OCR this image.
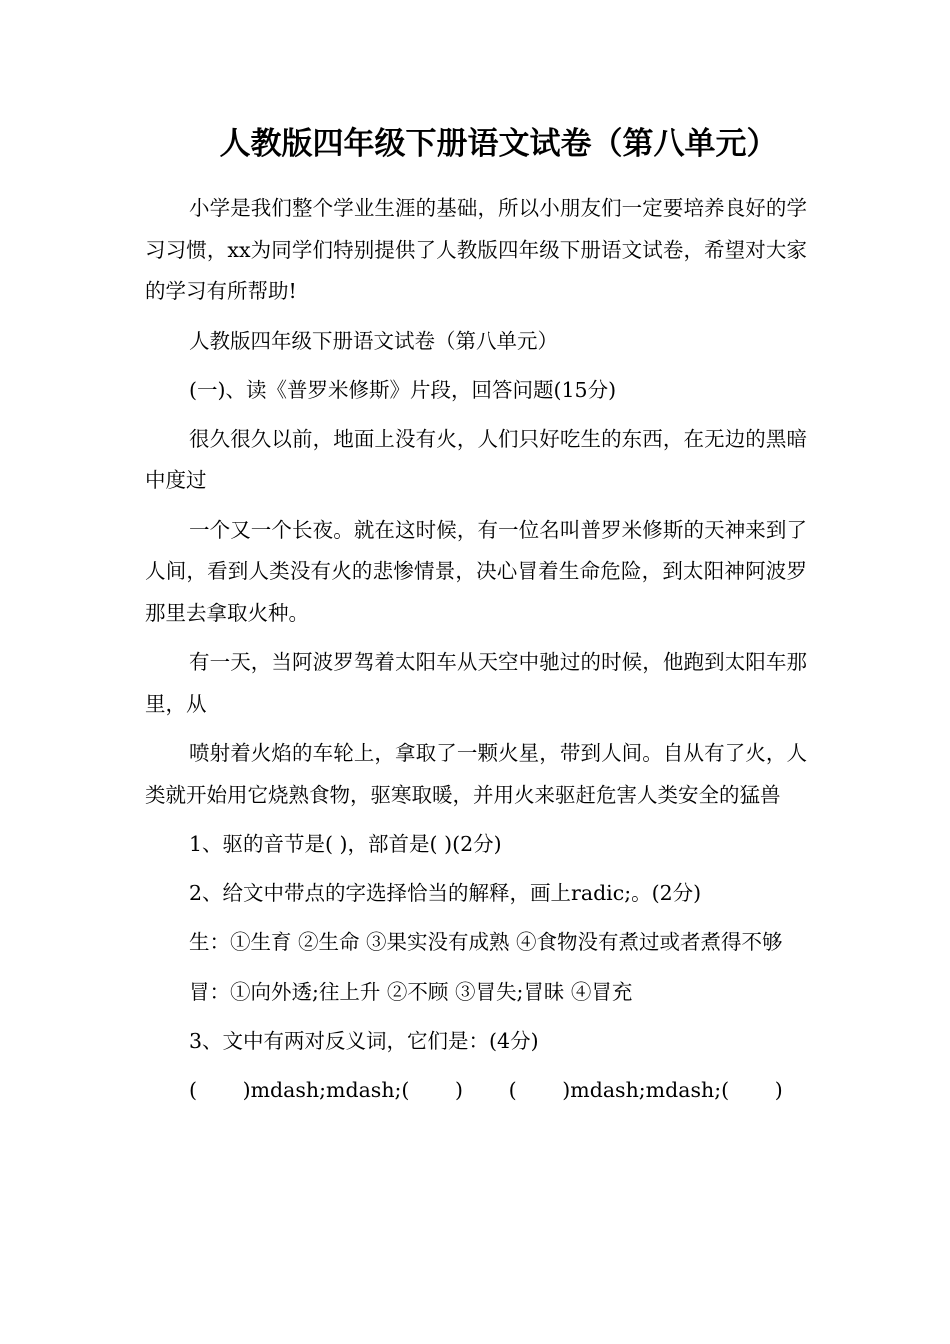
人教版四年级下册语文试卷（第八单元）

小学是我们整个学业生涯的基础，所以小朋友们一定要培养良好的学习习惯，xx为同学们特别提供了人教版四年级下册语文试卷，希望对大家的学习有所帮助!

人教版四年级下册语文试卷（第八单元）

(一)、读《普罗米修斯》片段，回答问题(15分)

很久很久以前，地面上没有火，人们只好吃生的东西，在无边的黑暗中度过

一个又一个长夜。就在这时候，有一位名叫普罗米修斯的天神来到了人间，看到人类没有火的悲惨情景，决心冒着生命危险，到太阳神阿波罗那里去拿取火种。

有一天，当阿波罗驾着太阳车从天空中驰过的时候，他跑到太阳车那里，从

喷射着火焰的车轮上，拿取了一颗火星，带到人间。自从有了火，人类就开始用它烧熟食物，驱寒取暖，并用火来驱赶危害人类安全的猛兽

1、驱的音节是( )，部首是( )(2分)

2、给文中带点的字选择恰当的解释，画上radic;。(2分)

生：①生育 ②生命 ③果实没有成熟 ④食物没有煮过或者煮得不够

冒：①向外透;往上升 ②不顾 ③冒失;冒昧 ④冒充

3、文中有两对反义词，它们是：(4分)

(       )mdash;mdash;(       )       (       )mdash;mdash;(       )
